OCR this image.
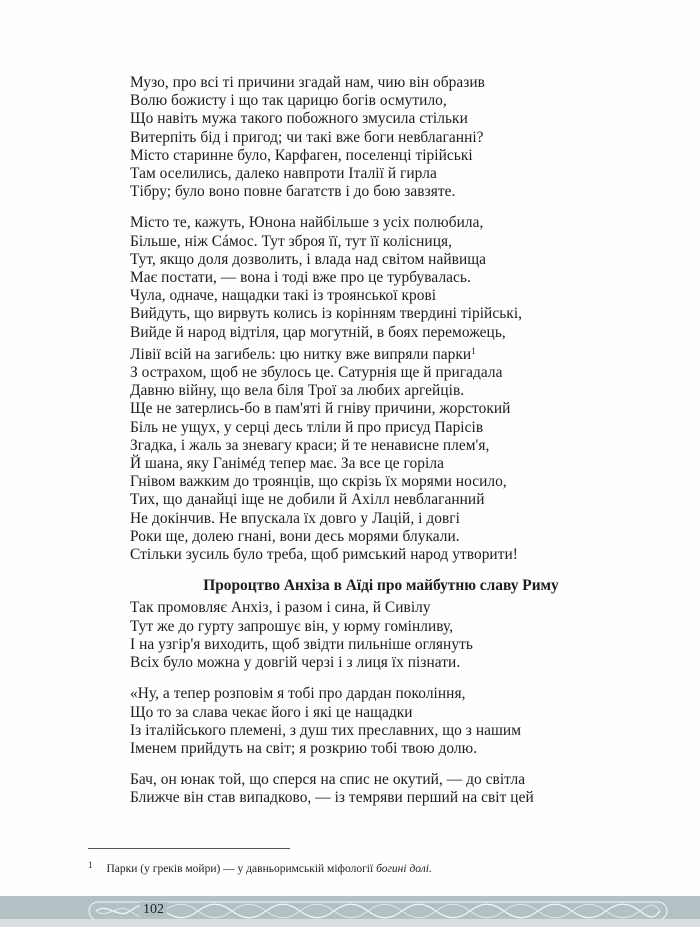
Музо, про всі ті причини згадай нам, чию він образив
Волю божисту і що так царицю богів осмутило,
Що навіть мужа такого побожного змусила стільки
Витерпіть бід і пригод; чи такі вже боги невблаганні?
Місто старинне було, Карфаген, поселенці тірійські
Там оселились, далеко навпроти Італії й гирла
Тібру; було воно повне багатств і до бою завзяте.
Місто те, кажуть, Юнона найбільше з усіх полюбила,
Більше, ніж Сáмос. Тут зброя її, тут її колісниця,
Тут, якщо доля дозволить, і влада над світом найвища
Має постати, — вона і тоді вже про це турбувалась.
Чула, одначе, нащадки такі із троянської крові
Вийдуть, що вирвуть колись із корінням твердині тірійські,
Вийде й народ відтіля, цар могутній, в боях переможець,
Лівії всій на загибель: цю нитку вже випряли парки$^1$
З острахом, щоб не збулось це. Сатурнія ще й пригадала
Давню війну, що вела біля Трої за любих аргейців.
Ще не затерлись-бо в пам'яті й гніву причини, жорстокий
Біль не ущух, у серці десь тліли й про присуд Парісів
Згадка, і жаль за зневагу краси; й те ненависне плем'я,
Й шана, яку Ганімéд тепер має. За все це горіла
Гнівом важким до троянців, що скрізь їх морями носило,
Тих, що данайці іще не добили й Ахілл невблаганний
Не докінчив. Не впускала їх довго у Лацій, і довгі
Роки ще, долею гнані, вони десь морями блукали.
Стільки зусиль було треба, щоб римський народ утворити!
Пророцтво Анхіза в Аїді про майбутню славу Риму
Так промовляє Анхіз, і разом і сина, й Сивілу
Тут же до гурту запрошує він, у юрму гомінливу,
І на узгір'я виходить, щоб звідти пильніше оглянуть
Всіх було можна у довгій черзі і з лиця їх пізнати.
«Ну, а тепер розповім я тобі про дардан покоління,
Що то за слава чекає його і які це нащадки
Із італійського племені, з душ тих преславних, що з нашим
Іменем прийдуть на світ; я розкрию тобі твою долю.
Бач, он юнак той, що сперся на спис не окутий, — до світла
Ближче він став випадково, — із темряви перший на світ цей
$^1$ Парки (у греків мойри) — у давньоримській міфології богині долі.
102
